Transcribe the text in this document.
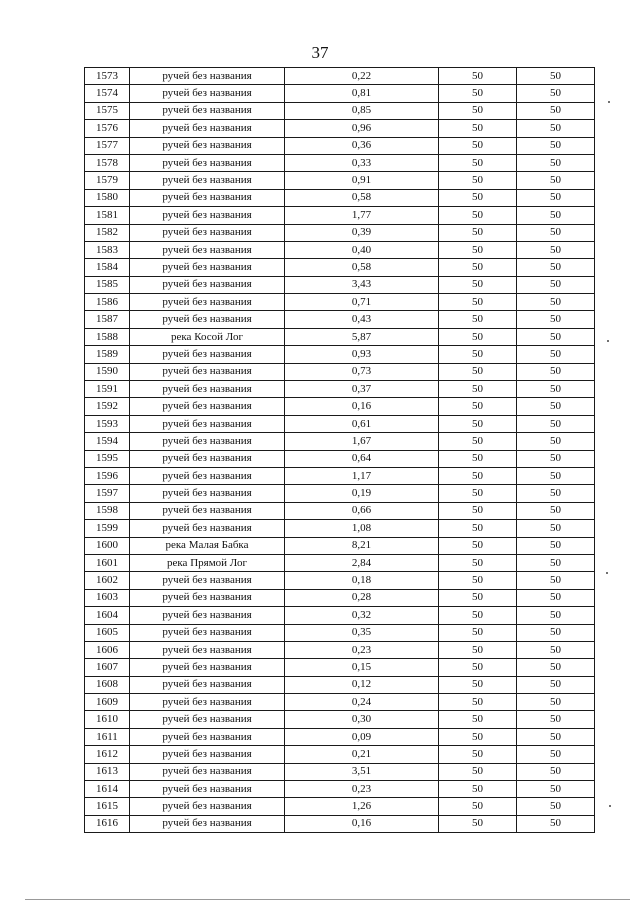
37
1573	ручей без названия	0,22	50	50
1574	ручей без названия	0,81	50	50
1575	ручей без названия	0,85	50	50
1576	ручей без названия	0,96	50	50
1577	ручей без названия	0,36	50	50
1578	ручей без названия	0,33	50	50
1579	ручей без названия	0,91	50	50
1580	ручей без названия	0,58	50	50
1581	ручей без названия	1,77	50	50
1582	ручей без названия	0,39	50	50
1583	ручей без названия	0,40	50	50
1584	ручей без названия	0,58	50	50
1585	ручей без названия	3,43	50	50
1586	ручей без названия	0,71	50	50
1587	ручей без названия	0,43	50	50
1588	река Косой Лог	5,87	50	50
1589	ручей без названия	0,93	50	50
1590	ручей без названия	0,73	50	50
1591	ручей без названия	0,37	50	50
1592	ручей без названия	0,16	50	50
1593	ручей без названия	0,61	50	50
1594	ручей без названия	1,67	50	50
1595	ручей без названия	0,64	50	50
1596	ручей без названия	1,17	50	50
1597	ручей без названия	0,19	50	50
1598	ручей без названия	0,66	50	50
1599	ручей без названия	1,08	50	50
1600	река Малая Бабка	8,21	50	50
1601	река Прямой Лог	2,84	50	50
1602	ручей без названия	0,18	50	50
1603	ручей без названия	0,28	50	50
1604	ручей без названия	0,32	50	50
1605	ручей без названия	0,35	50	50
1606	ручей без названия	0,23	50	50
1607	ручей без названия	0,15	50	50
1608	ручей без названия	0,12	50	50
1609	ручей без названия	0,24	50	50
1610	ручей без названия	0,30	50	50
1611	ручей без названия	0,09	50	50
1612	ручей без названия	0,21	50	50
1613	ручей без названия	3,51	50	50
1614	ручей без названия	0,23	50	50
1615	ручей без названия	1,26	50	50
1616	ручей без названия	0,16	50	50
